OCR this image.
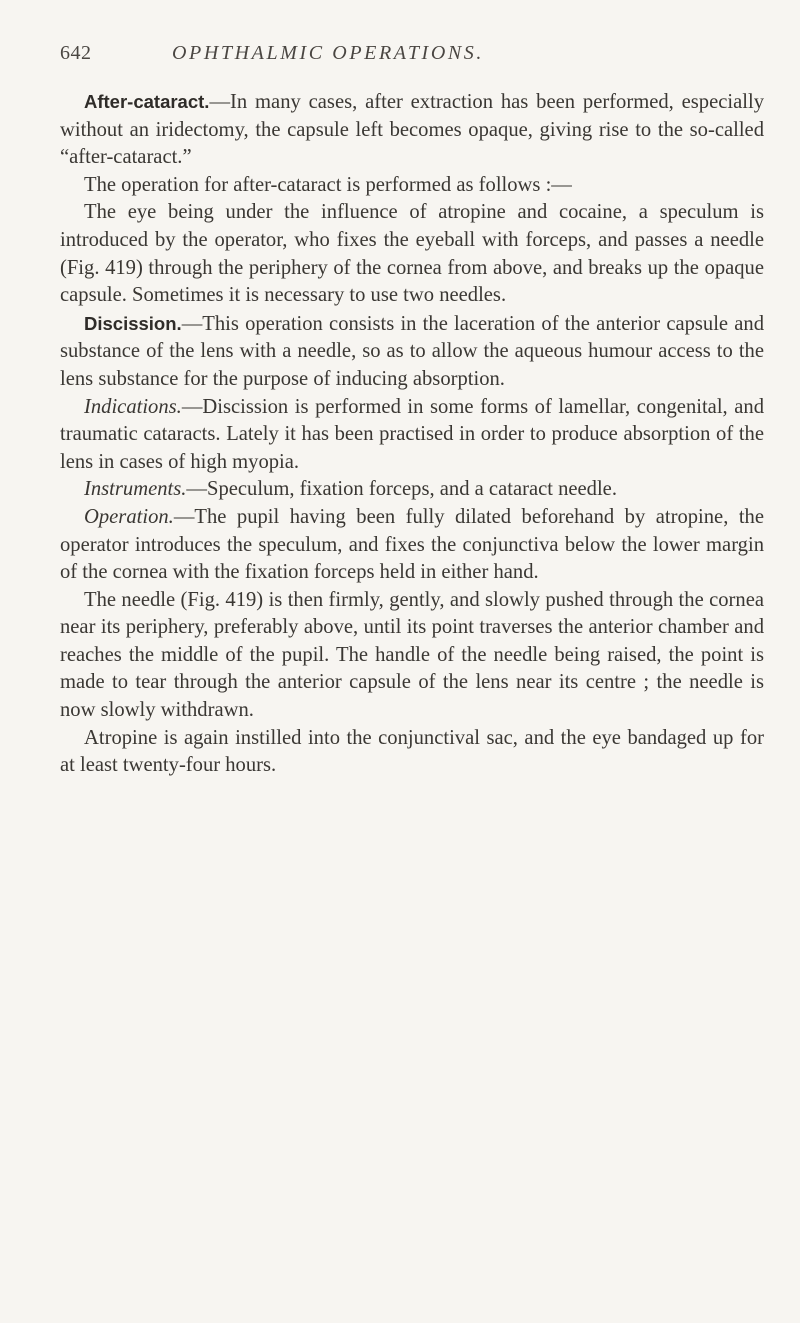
642	OPHTHALMIC OPERATIONS.

After-cataract.—In many cases, after extraction has been performed, especially without an iridectomy, the capsule left becomes opaque, giving rise to the so-called “after-cataract.”

The operation for after-cataract is performed as follows :—

The eye being under the influence of atropine and cocaine, a speculum is introduced by the operator, who fixes the eyeball with forceps, and passes a needle (Fig. 419) through the periphery of the cornea from above, and breaks up the opaque capsule. Sometimes it is necessary to use two needles.

Discission.—This operation consists in the laceration of the anterior capsule and substance of the lens with a needle, so as to allow the aqueous humour access to the lens substance for the purpose of inducing absorption.

Indications.—Discission is performed in some forms of lamellar, congenital, and traumatic cataracts. Lately it has been practised in order to produce absorption of the lens in cases of high myopia.

Instruments.—Speculum, fixation forceps, and a cataract needle.

Operation.—The pupil having been fully dilated beforehand by atropine, the operator introduces the speculum, and fixes the conjunctiva below the lower margin of the cornea with the fixation forceps held in either hand.

The needle (Fig. 419) is then firmly, gently, and slowly pushed through the cornea near its periphery, preferably above, until its point traverses the anterior chamber and reaches the middle of the pupil. The handle of the needle being raised, the point is made to tear through the anterior capsule of the lens near its centre ; the needle is now slowly withdrawn.

Atropine is again instilled into the conjunctival sac, and the eye bandaged up for at least twenty-four hours.
